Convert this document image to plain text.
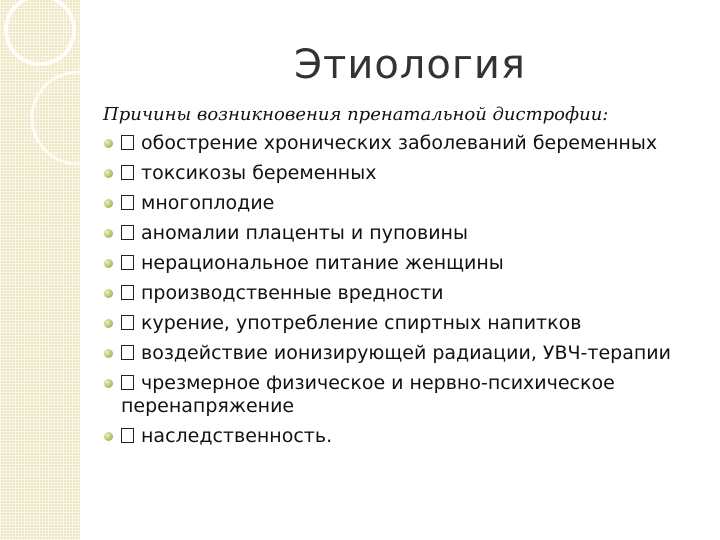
Этиология

Причины возникновения пренатальной дистрофии:

обострение хронических заболеваний беременных
токсикозы беременных
многоплодие
аномалии плаценты и пуповины
нерациональное питание женщины
производственные вредности
курение, употребление спиртных напитков
воздействие ионизирующей радиации, УВЧ-терапии
чрезмерное физическое и нервно-психическое перенапряжение
наследственность.
